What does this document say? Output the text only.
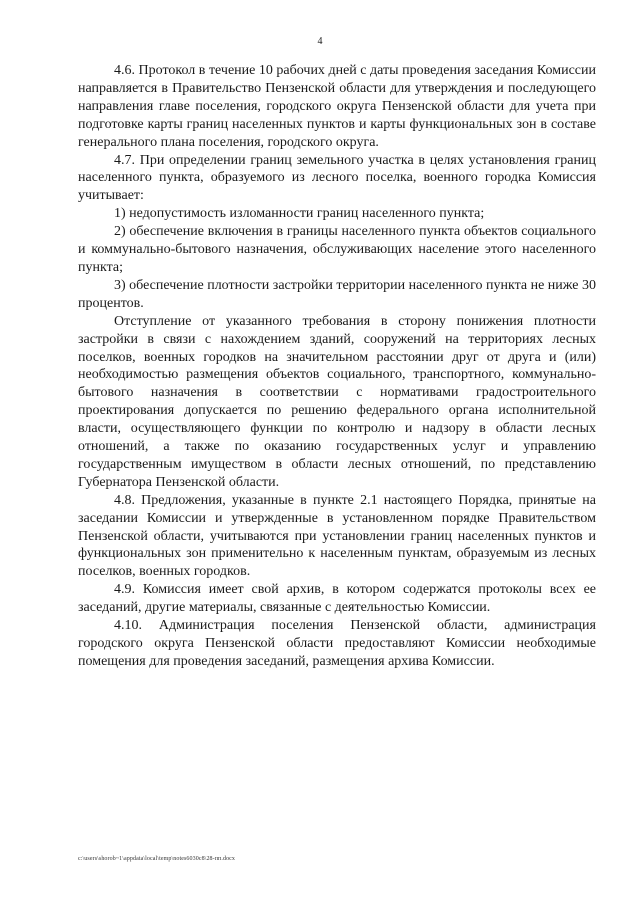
4

4.6. Протокол в течение 10 рабочих дней с даты проведения заседания Комиссии направляется в Правительство Пензенской области для утверждения и последующего направления главе поселения, городского округа Пензенской области для учета при подготовке карты границ населенных пунктов и карты функциональных зон в составе генерального плана поселения, городского округа.

4.7. При определении границ земельного участка в целях установления границ населенного пункта, образуемого из лесного поселка, военного городка Комиссия учитывает:

1) недопустимость изломанности границ населенного пункта;

2) обеспечение включения в границы населенного пункта объектов социального и коммунально-бытового назначения, обслуживающих население этого населенного пункта;

3) обеспечение плотности застройки территории населенного пункта не ниже 30 процентов.

Отступление от указанного требования в сторону понижения плотности застройки в связи с нахождением зданий, сооружений на территориях лесных поселков, военных городков на значительном расстоянии друг от друга и (или) необходимостью размещения объектов социального, транспортного, коммунально-бытового назначения в соответствии с нормативами градостроительного проектирования допускается по решению федерального органа исполнительной власти, осуществляющего функции по контролю и надзору в области лесных отношений, а также по оказанию государственных услуг и управлению государственным имуществом в области лесных отношений, по представлению Губернатора Пензенской области.

4.8. Предложения, указанные в пункте 2.1 настоящего Порядка, принятые на заседании Комиссии и утвержденные в установленном порядке Правительством Пензенской области, учитываются при установлении границ населенных пунктов и функциональных зон применительно к населенным пунктам, образуемым из лесных поселков, военных городков.

4.9. Комиссия имеет свой архив, в котором содержатся протоколы всех ее заседаний, другие материалы, связанные с деятельностью Комиссии.

4.10. Администрация поселения Пензенской области, администрация городского округа Пензенской области предоставляют Комиссии необходимые помещения для проведения заседаний, размещения архива Комиссии.

c:\users\shorob~1\appdata\local\temp\notes6030c8\28-пп.docx
